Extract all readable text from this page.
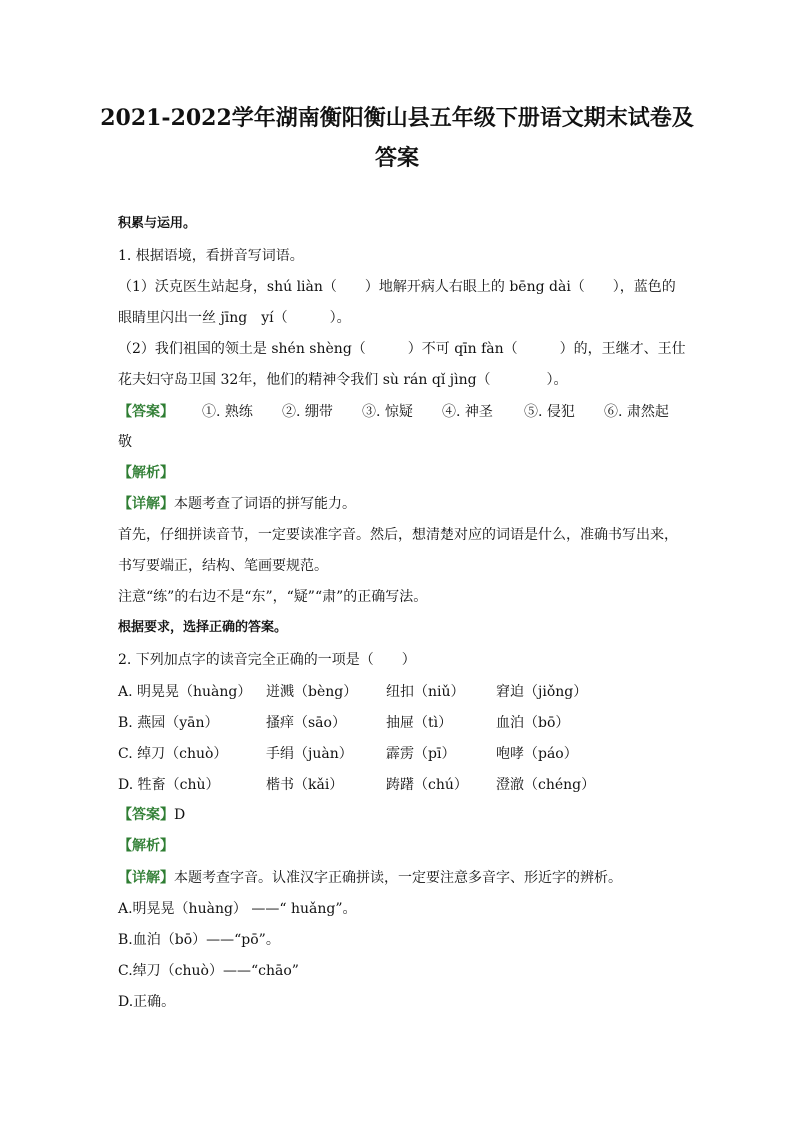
2021-2022学年湖南衡阳衡山县五年级下册语文期末试卷及
答案
积累与运用。
1. 根据语境，看拼音写词语。
（1）沃克医生站起身，shú liàn（　　）地解开病人右眼上的 bēng dài（　　），蓝色的
眼睛里闪出一丝 jīng　yí（　　　）。
（2）我们祖国的领土是 shén shèng（　　　）不可 qīn fàn（　　　）的，王继才、王仕
花夫妇守岛卫国 32年，他们的精神令我们 sù rán qǐ jìng（　　　　）。
【答案】 ①. 熟练 ②. 绷带 ③. 惊疑 ④. 神圣 ⑤. 侵犯 ⑥. 肃然起
敬
【解析】
【详解】本题考查了词语的拼写能力。
首先，仔细拼读音节，一定要读准字音。然后，想清楚对应的词语是什么，准确书写出来，
书写要端正，结构、笔画要规范。
注意“练”的右边不是“东”，“疑”“肃”的正确写法。
根据要求，选择正确的答案。
2. 下列加点字的读音完全正确的一项是（　　）
A. 明晃晃（huàng） 迸溅（bèng） 纽扣（niǔ） 窘迫（jiǒng）
B. 燕园（yān）	搔痒（sāo）	抽屉（tì）	血泊（bō）
C. 绰刀（chuò）	手绢（juàn） 霹雳（pī）	咆哮（páo）
D. 牲畜（chù）	楷书（kǎi）	踌躇（chú） 澄澈（chéng）
【答案】D
【解析】
【详解】本题考查字音。认准汉字正确拼读，一定要注意多音字、形近字的辨析。
A.明晃晃（huàng） ——“ huǎng”。
B.血泊（bō）——“pō”。
C.绰刀（chuò）——“chāo”
D.正确。
